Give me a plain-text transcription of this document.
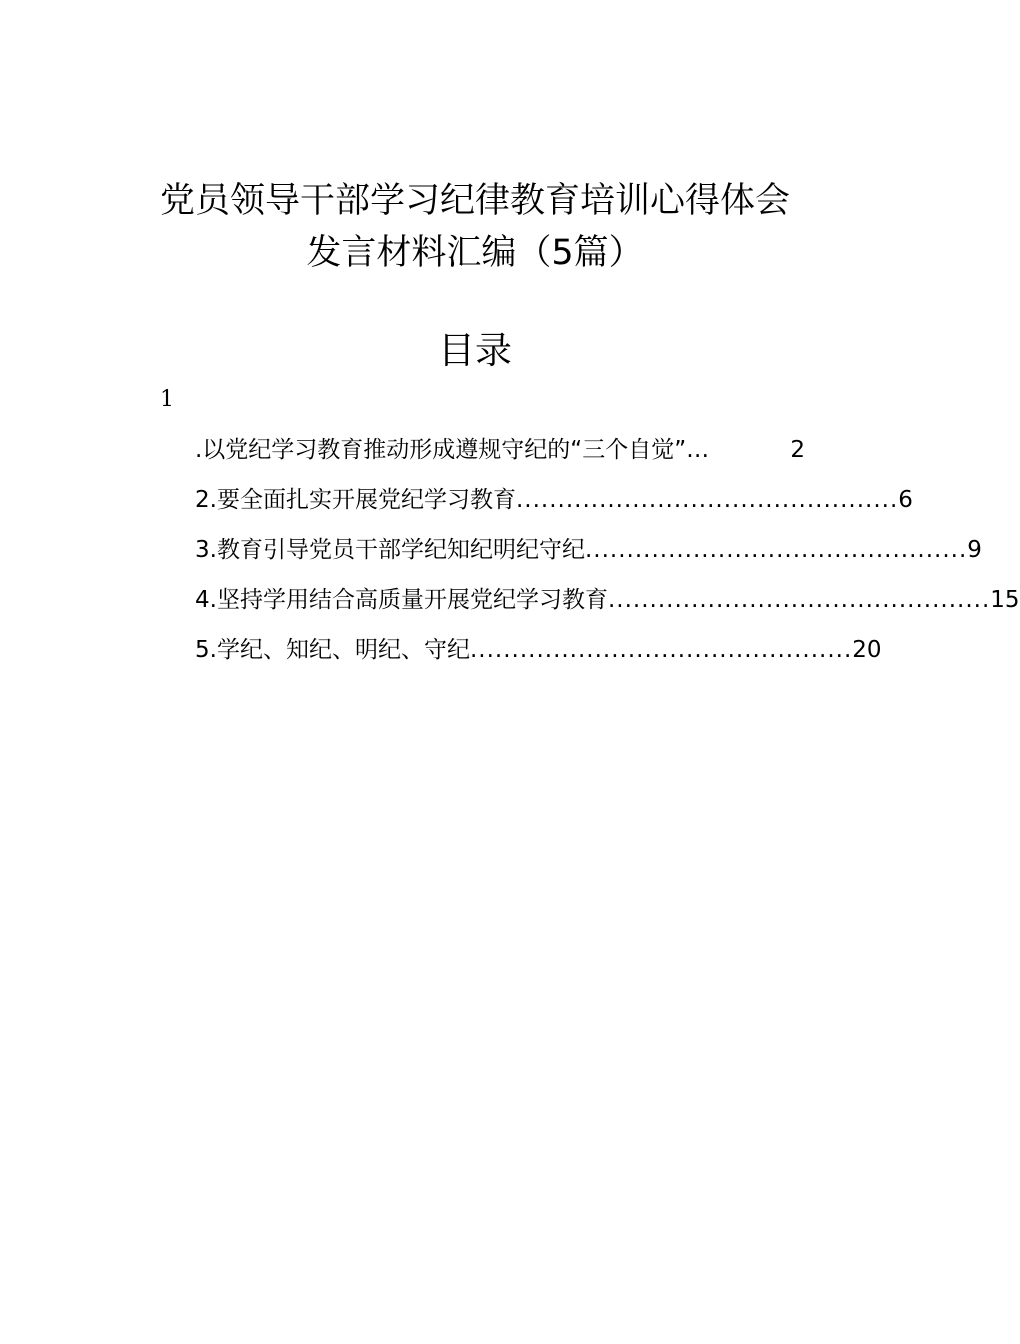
党员领导干部学习纪律教育培训心得体会
发言材料汇编（5篇）
目录
1
.以党纪学习教育推动形成遵规守纪的“三个自觉” …	2
2.要全面扎实开展党纪学习教育 .............................................. 6
3.教育引导党员干部学纪知纪明纪守纪 .............................................. 9
4.坚持学用结合高质量开展党纪学习教育 .............................................. 15
5.学纪、知纪、明纪、守纪 .............................................. 20
